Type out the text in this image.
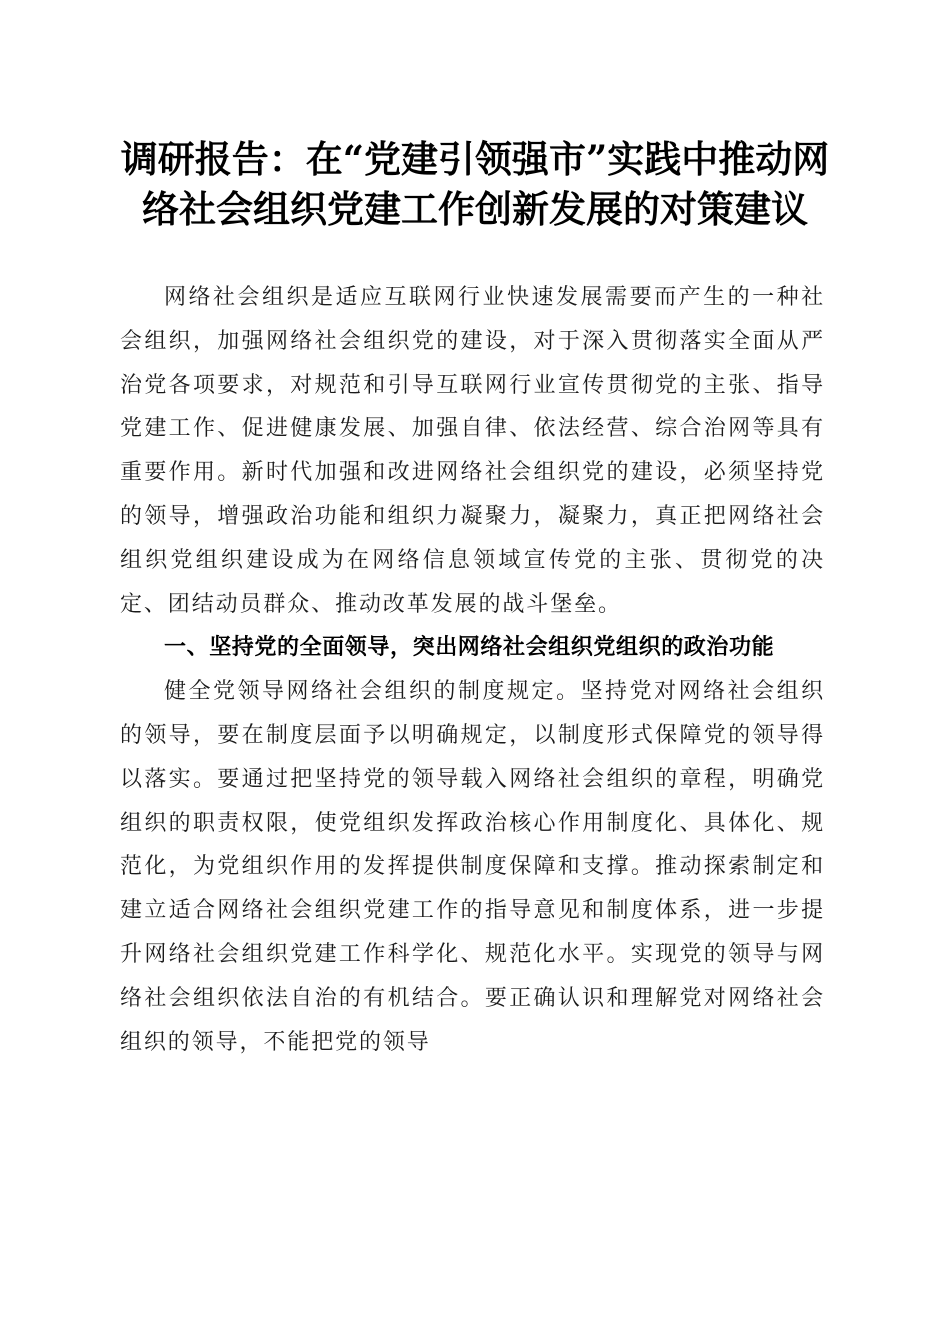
调研报告：在“党建引领强市”实践中推动网
络社会组织党建工作创新发展的对策建议

网络社会组织是适应互联网行业快速发展需要而产生的一种社会组织，加强网络社会组织党的建设，对于深入贯彻落实全面从严治党各项要求，对规范和引导互联网行业宣传贯彻党的主张、指导党建工作、促进健康发展、加强自律、依法经营、综合治网等具有重要作用。新时代加强和改进网络社会组织党的建设，必须坚持党的领导，增强政治功能和组织力凝聚力，凝聚力，真正把网络社会组织党组织建设成为在网络信息领域宣传党的主张、贯彻党的决定、团结动员群众、推动改革发展的战斗堡垒。

一、坚持党的全面领导，突出网络社会组织党组织的政治功能

健全党领导网络社会组织的制度规定。坚持党对网络社会组织的领导，要在制度层面予以明确规定，以制度形式保障党的领导得以落实。要通过把坚持党的领导载入网络社会组织的章程，明确党组织的职责权限，使党组织发挥政治核心作用制度化、具体化、规范化，为党组织作用的发挥提供制度保障和支撑。推动探索制定和建立适合网络社会组织党建工作的指导意见和制度体系，进一步提升网络社会组织党建工作科学化、规范化水平。实现党的领导与网络社会组织依法自治的有机结合。要正确认识和理解党对网络社会组织的领导，不能把党的领导
